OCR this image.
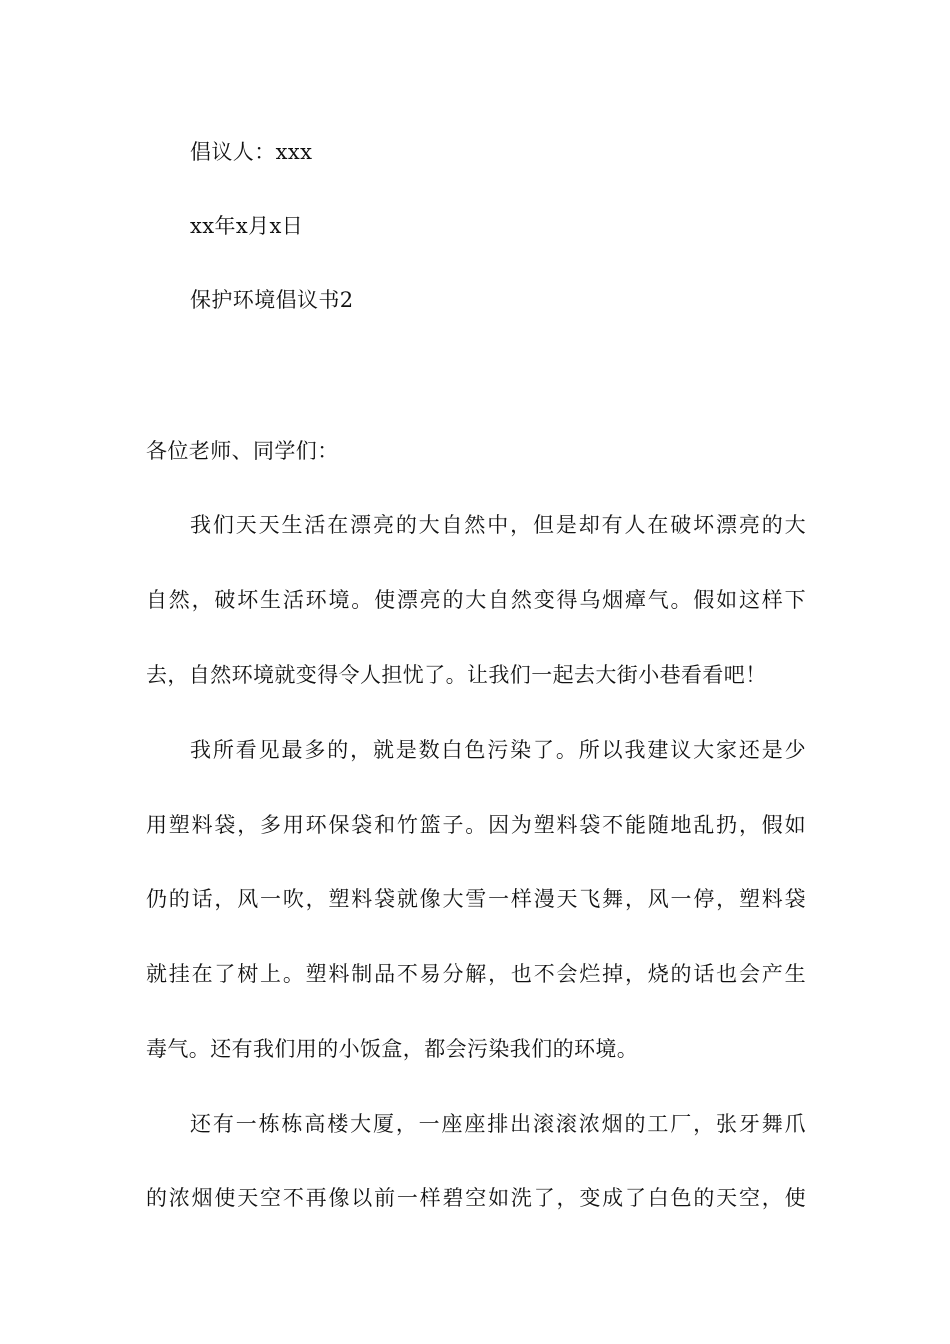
倡议人：xxx
xx年x月x日
保护环境倡议书2
各位老师、同学们：
我们天天生活在漂亮的大自然中，但是却有人在破坏漂亮的大
自然，破坏生活环境。使漂亮的大自然变得乌烟瘴气。假如这样下
去，自然环境就变得令人担忧了。让我们一起去大街小巷看看吧！
我所看见最多的，就是数白色污染了。所以我建议大家还是少
用塑料袋，多用环保袋和竹篮子。因为塑料袋不能随地乱扔，假如
仍的话，风一吹，塑料袋就像大雪一样漫天飞舞，风一停，塑料袋
就挂在了树上。塑料制品不易分解，也不会烂掉，烧的话也会产生
毒气。还有我们用的小饭盒，都会污染我们的环境。
还有一栋栋高楼大厦，一座座排出滚滚浓烟的工厂，张牙舞爪
的浓烟使天空不再像以前一样碧空如洗了，变成了白色的天空，使
